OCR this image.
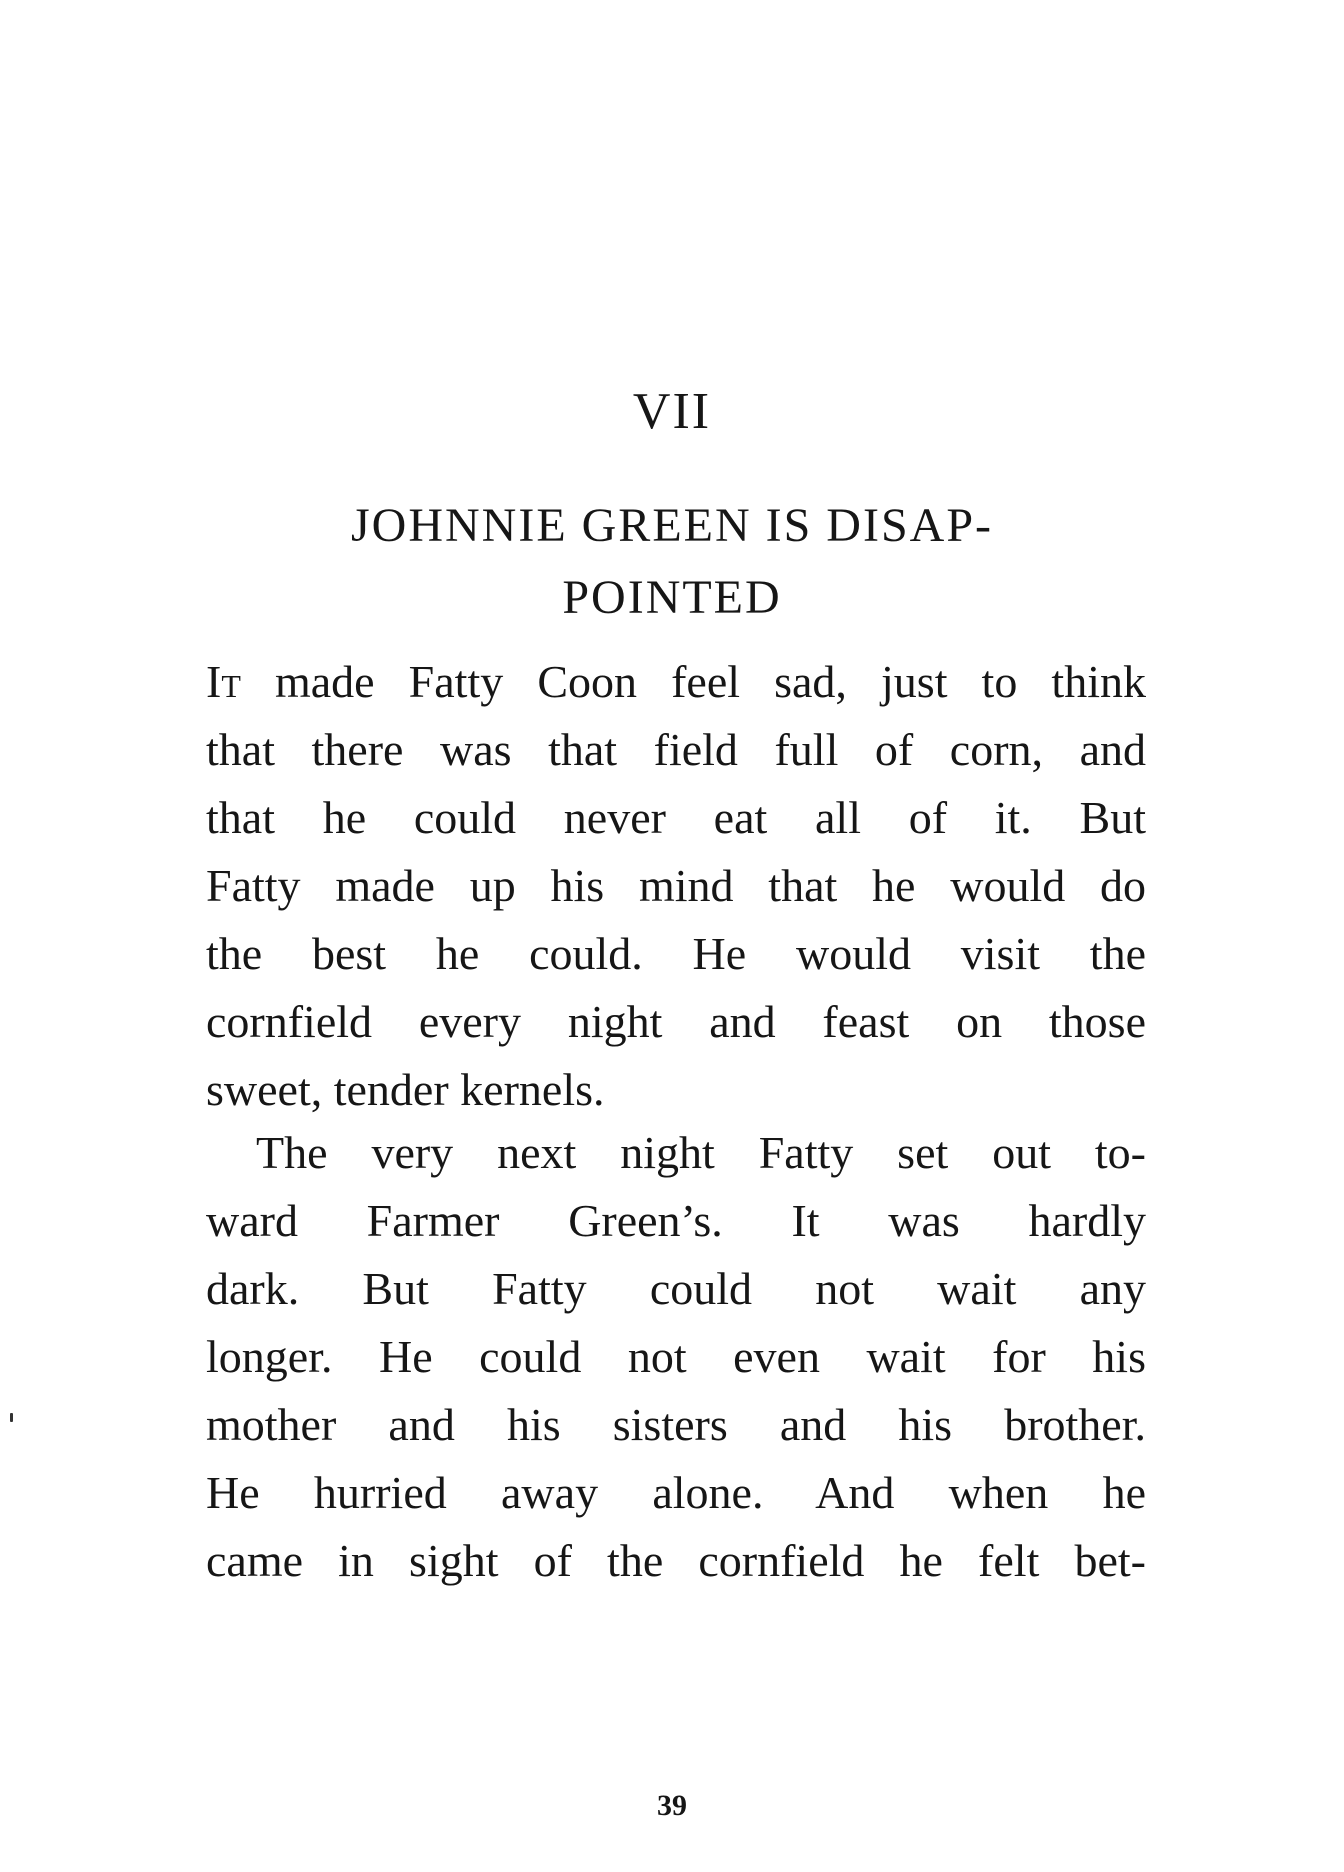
VII
JOHNNIE GREEN IS DISAP-
POINTED
It made Fatty Coon feel sad, just to think
that there was that field full of corn, and
that he could never eat all of it. But
Fatty made up his mind that he would do
the best he could. He would visit the
cornfield every night and feast on those
sweet, tender kernels.
The very next night Fatty set out to-
ward Farmer Green’s. It was hardly
dark. But Fatty could not wait any
longer. He could not even wait for his
mother and his sisters and his brother.
He hurried away alone. And when he
came in sight of the cornfield he felt bet-
39
